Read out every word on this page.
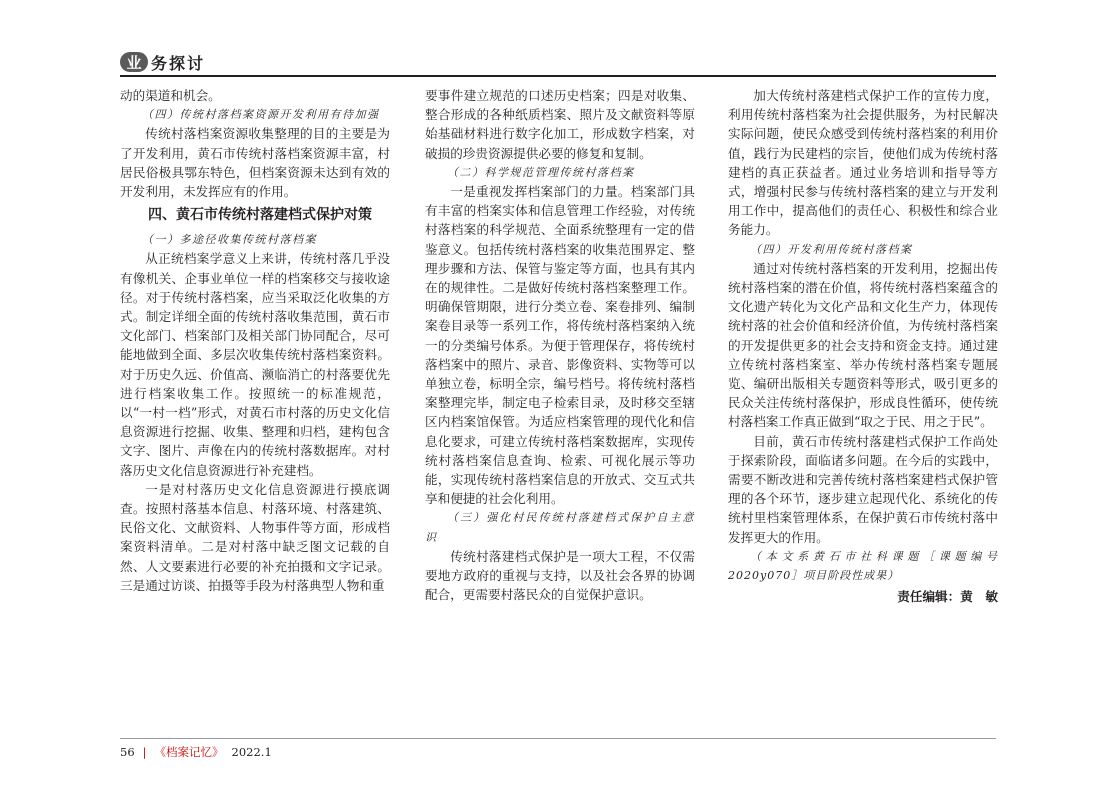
业 务探讨

动的渠道和机会。

（四）传统村落档案资源开发利用有待加强

传统村落档案资源收集整理的目的主要是为了开发利用，黄石市传统村落档案资源丰富，村居民俗极具鄂东特色，但档案资源未达到有效的开发利用，未发挥应有的作用。

四、黄石市传统村落建档式保护对策

（一）多途径收集传统村落档案

从正统档案学意义上来讲，传统村落几乎没有像机关、企事业单位一样的档案移交与接收途径。对于传统村落档案，应当采取泛化收集的方式。制定详细全面的传统村落收集范围，黄石市文化部门、档案部门及相关部门协同配合，尽可能地做到全面、多层次收集传统村落档案资料。对于历史久远、价值高、濒临消亡的村落要优先进行档案收集工作。按照统一的标准规范，以“一村一档”形式，对黄石市村落的历史文化信息资源进行挖掘、收集、整理和归档，建构包含文字、图片、声像在内的传统村落数据库。对村落历史文化信息资源进行补充建档。

一是对村落历史文化信息资源进行摸底调查。按照村落基本信息、村落环境、村落建筑、民俗文化、文献资料、人物事件等方面，形成档案资料清单。二是对村落中缺乏图文记载的自然、人文要素进行必要的补充拍摄和文字记录。三是通过访谈、拍摄等手段为村落典型人物和重

要事件建立规范的口述历史档案；四是对收集、整合形成的各种纸质档案、照片及文献资料等原始基础材料进行数字化加工，形成数字档案，对破损的珍贵资源提供必要的修复和复制。

（二）科学规范管理传统村落档案

一是重视发挥档案部门的力量。档案部门具有丰富的档案实体和信息管理工作经验，对传统村落档案的科学规范、全面系统整理有一定的借鉴意义。包括传统村落档案的收集范围界定、整理步骤和方法、保管与鉴定等方面，也具有其内在的规律性。二是做好传统村落档案整理工作。明确保管期限，进行分类立卷、案卷排列、编制案卷目录等一系列工作，将传统村落档案纳入统一的分类编号体系。为便于管理保存，将传统村落档案中的照片、录音、影像资料、实物等可以单独立卷，标明全宗，编号档号。将传统村落档案整理完毕，制定电子检索目录，及时移交至辖区内档案馆保管。为适应档案管理的现代化和信息化要求，可建立传统村落档案数据库，实现传统村落档案信息查询、检索、可视化展示等功能，实现传统村落档案信息的开放式、交互式共享和便捷的社会化利用。

（三）强化村民传统村落建档式保护自主意识

传统村落建档式保护是一项大工程，不仅需要地方政府的重视与支持，以及社会各界的协调配合，更需要村落民众的自觉保护意识。

加大传统村落建档式保护工作的宣传力度，利用传统村落档案为社会提供服务，为村民解决实际问题，使民众感受到传统村落档案的利用价值，践行为民建档的宗旨，使他们成为传统村落建档的真正获益者。通过业务培训和指导等方式，增强村民参与传统村落档案的建立与开发利用工作中，提高他们的责任心、积极性和综合业务能力。

（四）开发利用传统村落档案

通过对传统村落档案的开发利用，挖掘出传统村落档案的潜在价值，将传统村落档案蕴含的文化遗产转化为文化产品和文化生产力，体现传统村落的社会价值和经济价值，为传统村落档案的开发提供更多的社会支持和资金支持。通过建立传统村落档案室、举办传统村落档案专题展览、编研出版相关专题资料等形式，吸引更多的民众关注传统村落保护，形成良性循环，使传统村落档案工作真正做到“取之于民、用之于民”。

目前，黄石市传统村落建档式保护工作尚处于探索阶段，面临诸多问题。在今后的实践中，需要不断改进和完善传统村落档案建档式保护管理的各个环节，逐步建立起现代化、系统化的传统村里档案管理体系，在保护黄石市传统村落中发挥更大的作用。

（本文系黄石市社科课题［课题编号2020y070］项目阶段性成果）

责任编辑：黄　敏
56 | 《档案记忆》 2022.1
